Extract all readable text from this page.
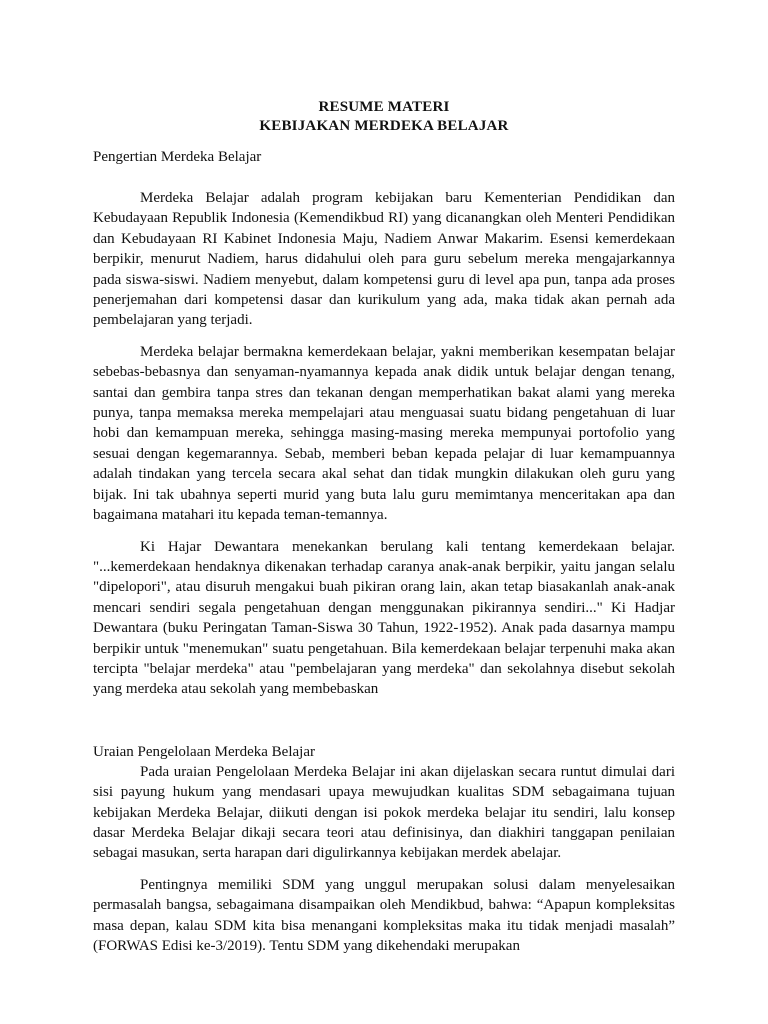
RESUME MATERI

KEBIJAKAN MERDEKA BELAJAR

Pengertian Merdeka Belajar

Merdeka Belajar adalah program kebijakan baru Kementerian Pendidikan dan Kebudayaan Republik Indonesia (Kemendikbud RI) yang dicanangkan oleh Menteri Pendidikan dan Kebudayaan RI Kabinet Indonesia Maju, Nadiem Anwar Makarim. Esensi kemerdekaan berpikir, menurut Nadiem, harus didahului oleh para guru sebelum mereka mengajarkannya pada siswa-siswi. Nadiem menyebut, dalam kompetensi guru di level apa pun, tanpa ada proses penerjemahan dari kompetensi dasar dan kurikulum yang ada, maka tidak akan pernah ada pembelajaran yang terjadi.

Merdeka belajar bermakna kemerdekaan belajar, yakni memberikan kesempatan belajar sebebas-bebasnya dan senyaman-nyamannya kepada anak didik untuk belajar dengan tenang, santai dan gembira tanpa stres dan tekanan dengan memperhatikan bakat alami yang mereka punya, tanpa memaksa mereka mempelajari atau menguasai suatu bidang pengetahuan di luar hobi dan kemampuan mereka, sehingga masing-masing mereka mempunyai portofolio yang sesuai dengan kegemarannya. Sebab, memberi beban kepada pelajar di luar kemampuannya adalah tindakan yang tercela secara akal sehat dan tidak mungkin dilakukan oleh guru yang bijak. Ini tak ubahnya seperti murid yang buta lalu guru memimtanya menceritakan apa dan bagaimana matahari itu kepada teman-temannya.

Ki Hajar Dewantara menekankan berulang kali tentang kemerdekaan belajar. "...kemerdekaan hendaknya dikenakan terhadap caranya anak-anak berpikir, yaitu jangan selalu "dipelopori", atau disuruh mengakui buah pikiran orang lain, akan tetap biasakanlah anak-anak mencari sendiri segala pengetahuan dengan menggunakan pikirannya sendiri..." Ki Hadjar Dewantara (buku Peringatan Taman-Siswa 30 Tahun, 1922-1952). Anak pada dasarnya mampu berpikir untuk "menemukan" suatu pengetahuan. Bila kemerdekaan belajar terpenuhi maka akan tercipta "belajar merdeka" atau "pembelajaran yang merdeka" dan sekolahnya disebut sekolah yang merdeka atau sekolah yang membebaskan

Uraian Pengelolaan Merdeka Belajar

Pada uraian Pengelolaan Merdeka Belajar ini akan dijelaskan secara runtut dimulai dari sisi payung hukum yang mendasari upaya mewujudkan kualitas SDM sebagaimana tujuan kebijakan Merdeka Belajar, diikuti dengan isi pokok merdeka belajar itu sendiri, lalu konsep dasar Merdeka Belajar dikaji secara teori atau definisinya, dan diakhiri tanggapan penilaian sebagai masukan, serta harapan dari digulirkannya kebijakan merdek abelajar.

Pentingnya memiliki SDM yang unggul merupakan solusi dalam menyelesaikan permasalah bangsa, sebagaimana disampaikan oleh Mendikbud, bahwa: “Apapun kompleksitas masa depan, kalau SDM kita bisa menangani kompleksitas maka itu tidak menjadi masalah” (FORWAS Edisi ke-3/2019). Tentu SDM yang dikehendaki merupakan
